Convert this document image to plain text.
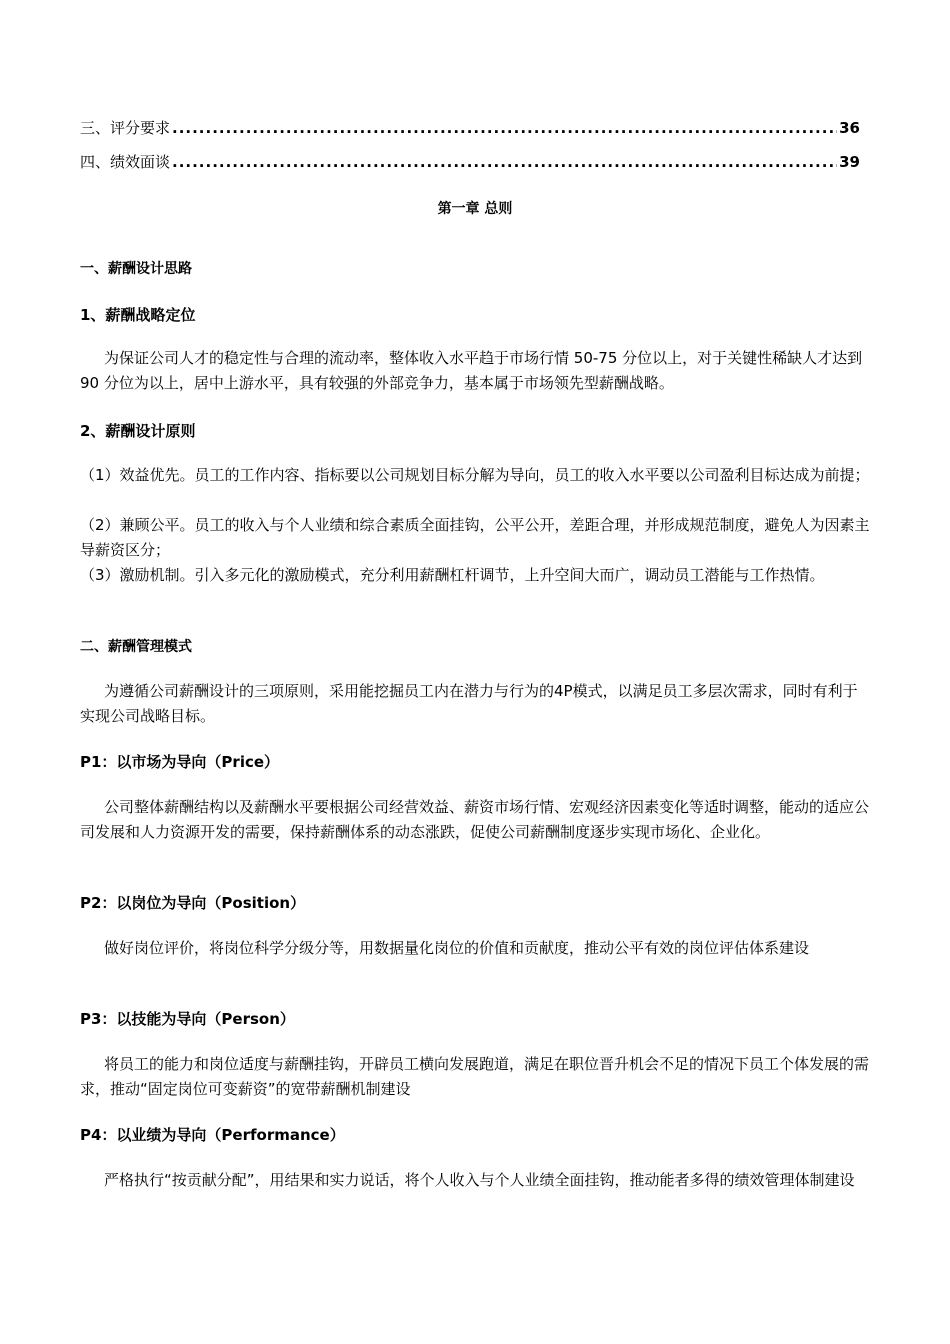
三、评分要求 .....	36
四、绩效面谈 .....	39
第一章 总则
一、薪酬设计思路
1、薪酬战略定位
为保证公司人才的稳定性与合理的流动率，整体收入水平趋于市场行情 50-75 分位以上，对于关键性稀缺人才达到 90 分位为以上，居中上游水平，具有较强的外部竞争力，基本属于市场领先型薪酬战略。
2、薪酬设计原则
（1）效益优先。员工的工作内容、指标要以公司规划目标分解为导向，员工的收入水平要以公司盈利目标达成为前提；
（2）兼顾公平。员工的收入与个人业绩和综合素质全面挂钩，公平公开，差距合理，并形成规范制度，避免人为因素主导薪资区分；
（3）激励机制。引入多元化的激励模式，充分利用薪酬杠杆调节，上升空间大而广，调动员工潜能与工作热情。
二、薪酬管理模式
为遵循公司薪酬设计的三项原则，采用能挖掘员工内在潜力与行为的4P模式，以满足员工多层次需求，同时有利于实现公司战略目标。
P1：以市场为导向（Price）
公司整体薪酬结构以及薪酬水平要根据公司经营效益、薪资市场行情、宏观经济因素变化等适时调整，能动的适应公司发展和人力资源开发的需要，保持薪酬体系的动态涨跌，促使公司薪酬制度逐步实现市场化、企业化。
P2：以岗位为导向（Position）
做好岗位评价，将岗位科学分级分等，用数据量化岗位的价值和贡献度，推动公平有效的岗位评估体系建设
P3：以技能为导向（Person）
将员工的能力和岗位适度与薪酬挂钩，开辟员工横向发展跑道，满足在职位晋升机会不足的情况下员工个体发展的需求，推动“固定岗位可变薪资”的宽带薪酬机制建设
P4：以业绩为导向（Performance）
严格执行“按贡献分配”，用结果和实力说话，将个人收入与个人业绩全面挂钩，推动能者多得的绩效管理体制建设
